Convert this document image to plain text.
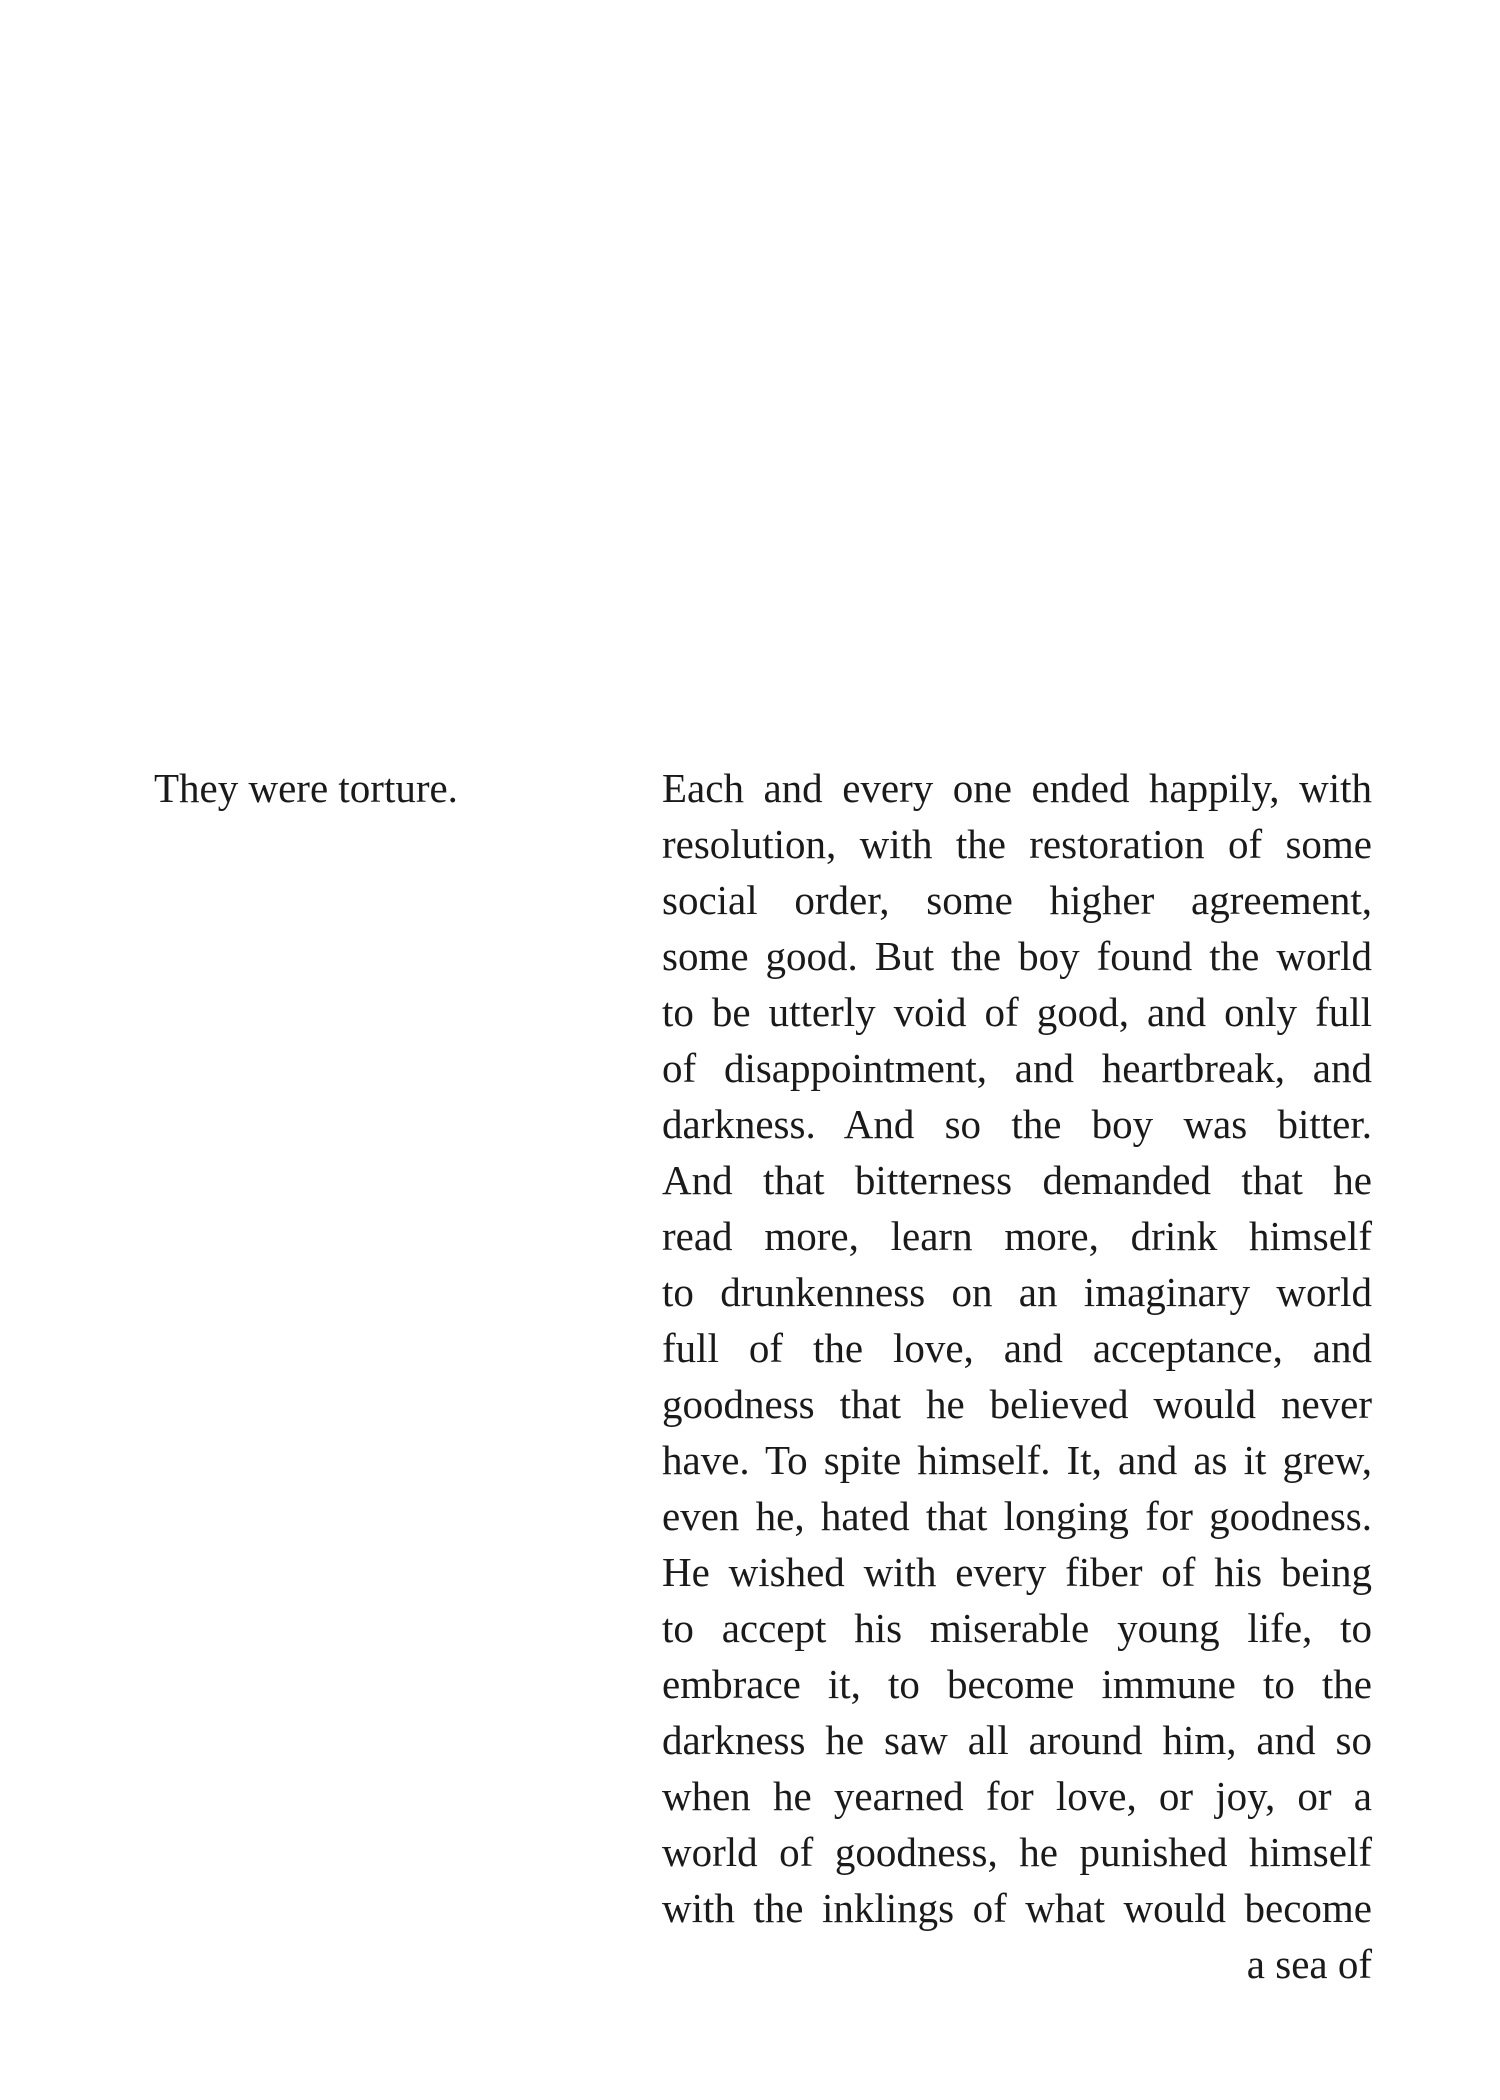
They were torture.	Each and every one ended happily, with
resolution, with the restoration of some
social order, some higher agreement,
some good. But the boy found the world
to be utterly void of good, and only full
of disappointment, and heartbreak, and
darkness. And so the boy was bitter.
And that bitterness demanded that he
read more, learn more, drink himself
to drunkenness on an imaginary world
full of the love, and acceptance, and
goodness that he believed would never
have. To spite himself. It, and as it grew,
even he, hated that longing for goodness.
He wished with every fiber of his being
to accept his miserable young life, to
embrace it, to become immune to the
darkness he saw all around him, and so
when he yearned for love, or joy, or a
world of goodness, he punished himself
with the inklings of what would become
a sea of
